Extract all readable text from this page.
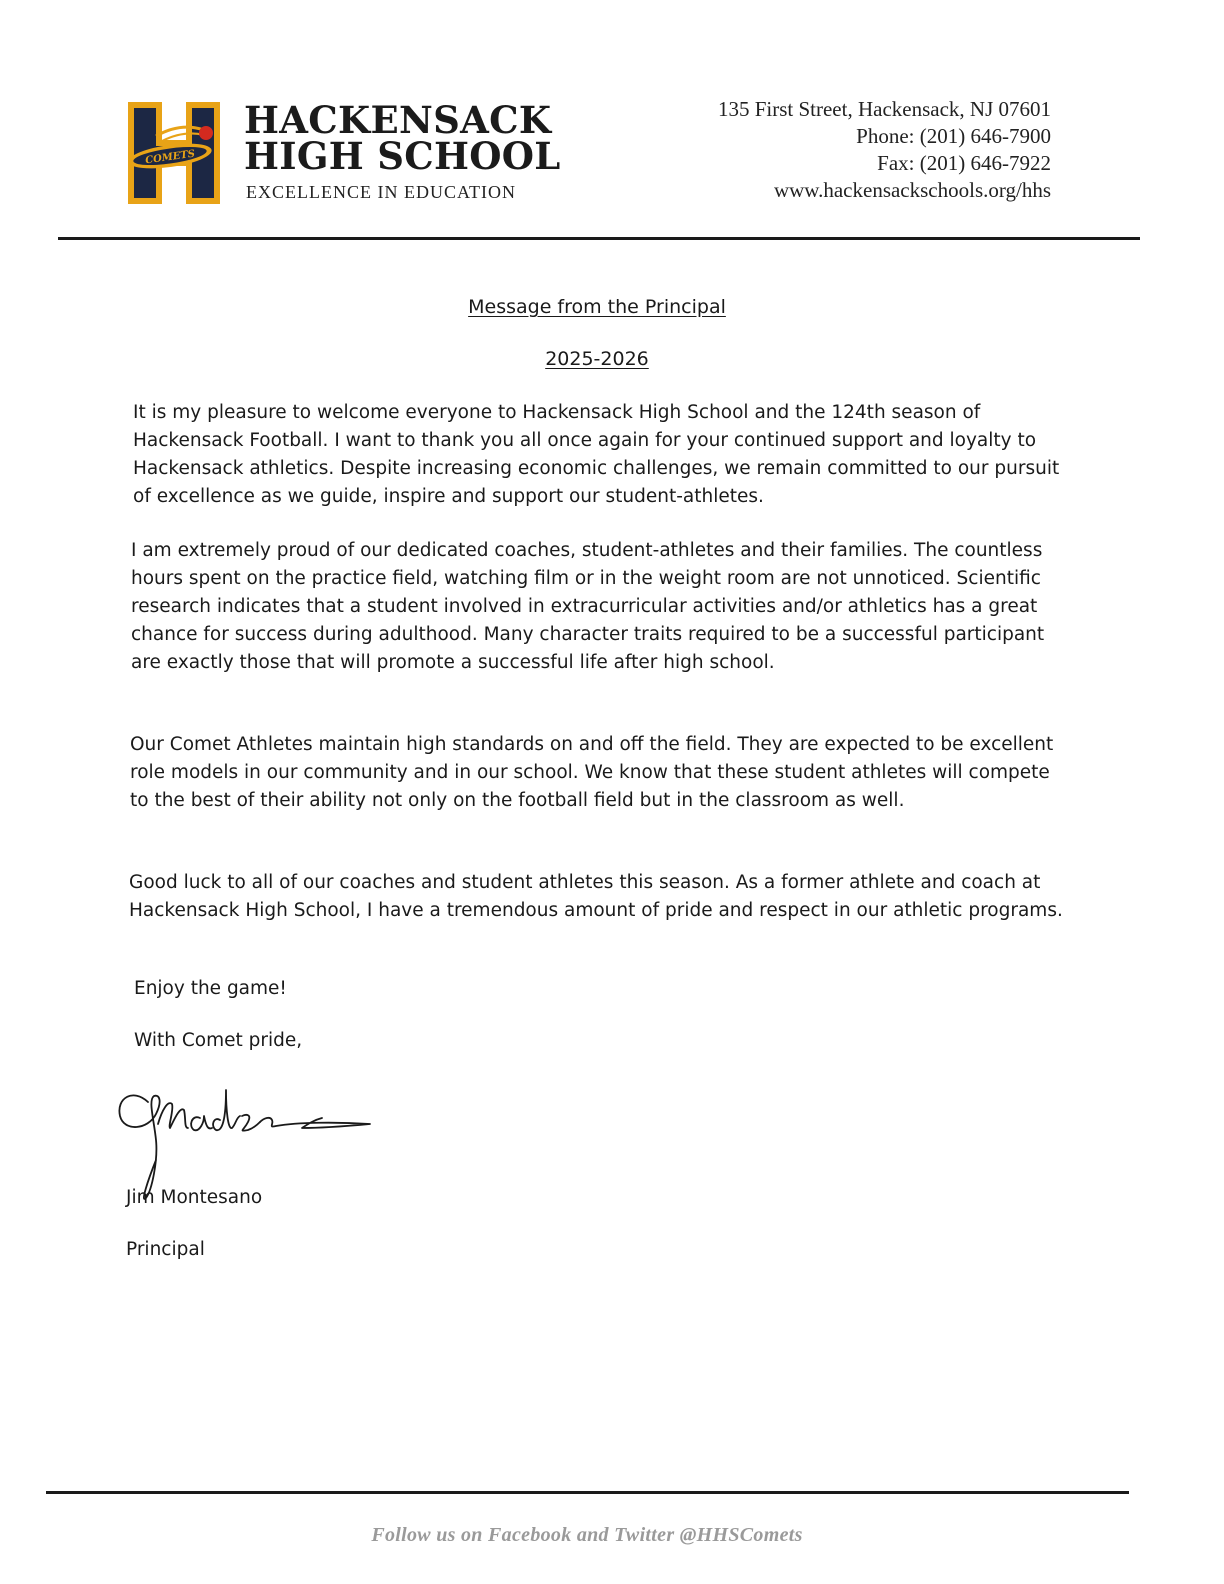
COMETS
HACKENSACK
HIGH SCHOOL
EXCELLENCE IN EDUCATION
135 First Street, Hackensack, NJ 07601
Phone: (201) 646-7900
Fax: (201) 646-7922
www.hackensackschools.org/hhs
Message from the Principal
2025-2026

It is my pleasure to welcome everyone to Hackensack High School and the 124th season of Hackensack Football. I want to thank you all once again for your continued support and loyalty to Hackensack athletics. Despite increasing economic challenges, we remain committed to our pursuit of excellence as we guide, inspire and support our student-athletes.

I am extremely proud of our dedicated coaches, student-athletes and their families. The countless hours spent on the practice field, watching film or in the weight room are not unnoticed. Scientific research indicates that a student involved in extracurricular activities and/or athletics has a great chance for success during adulthood. Many character traits required to be a successful participant are exactly those that will promote a successful life after high school.

Our Comet Athletes maintain high standards on and off the field. They are expected to be excellent role models in our community and in our school. We know that these student athletes will compete to the best of their ability not only on the football field but in the classroom as well.

Good luck to all of our coaches and student athletes this season. As a former athlete and coach at Hackensack High School, I have a tremendous amount of pride and respect in our athletic programs.

Enjoy the game!
With Comet pride,
Jim Montesano
Principal
Follow us on Facebook and Twitter @HHSComets
